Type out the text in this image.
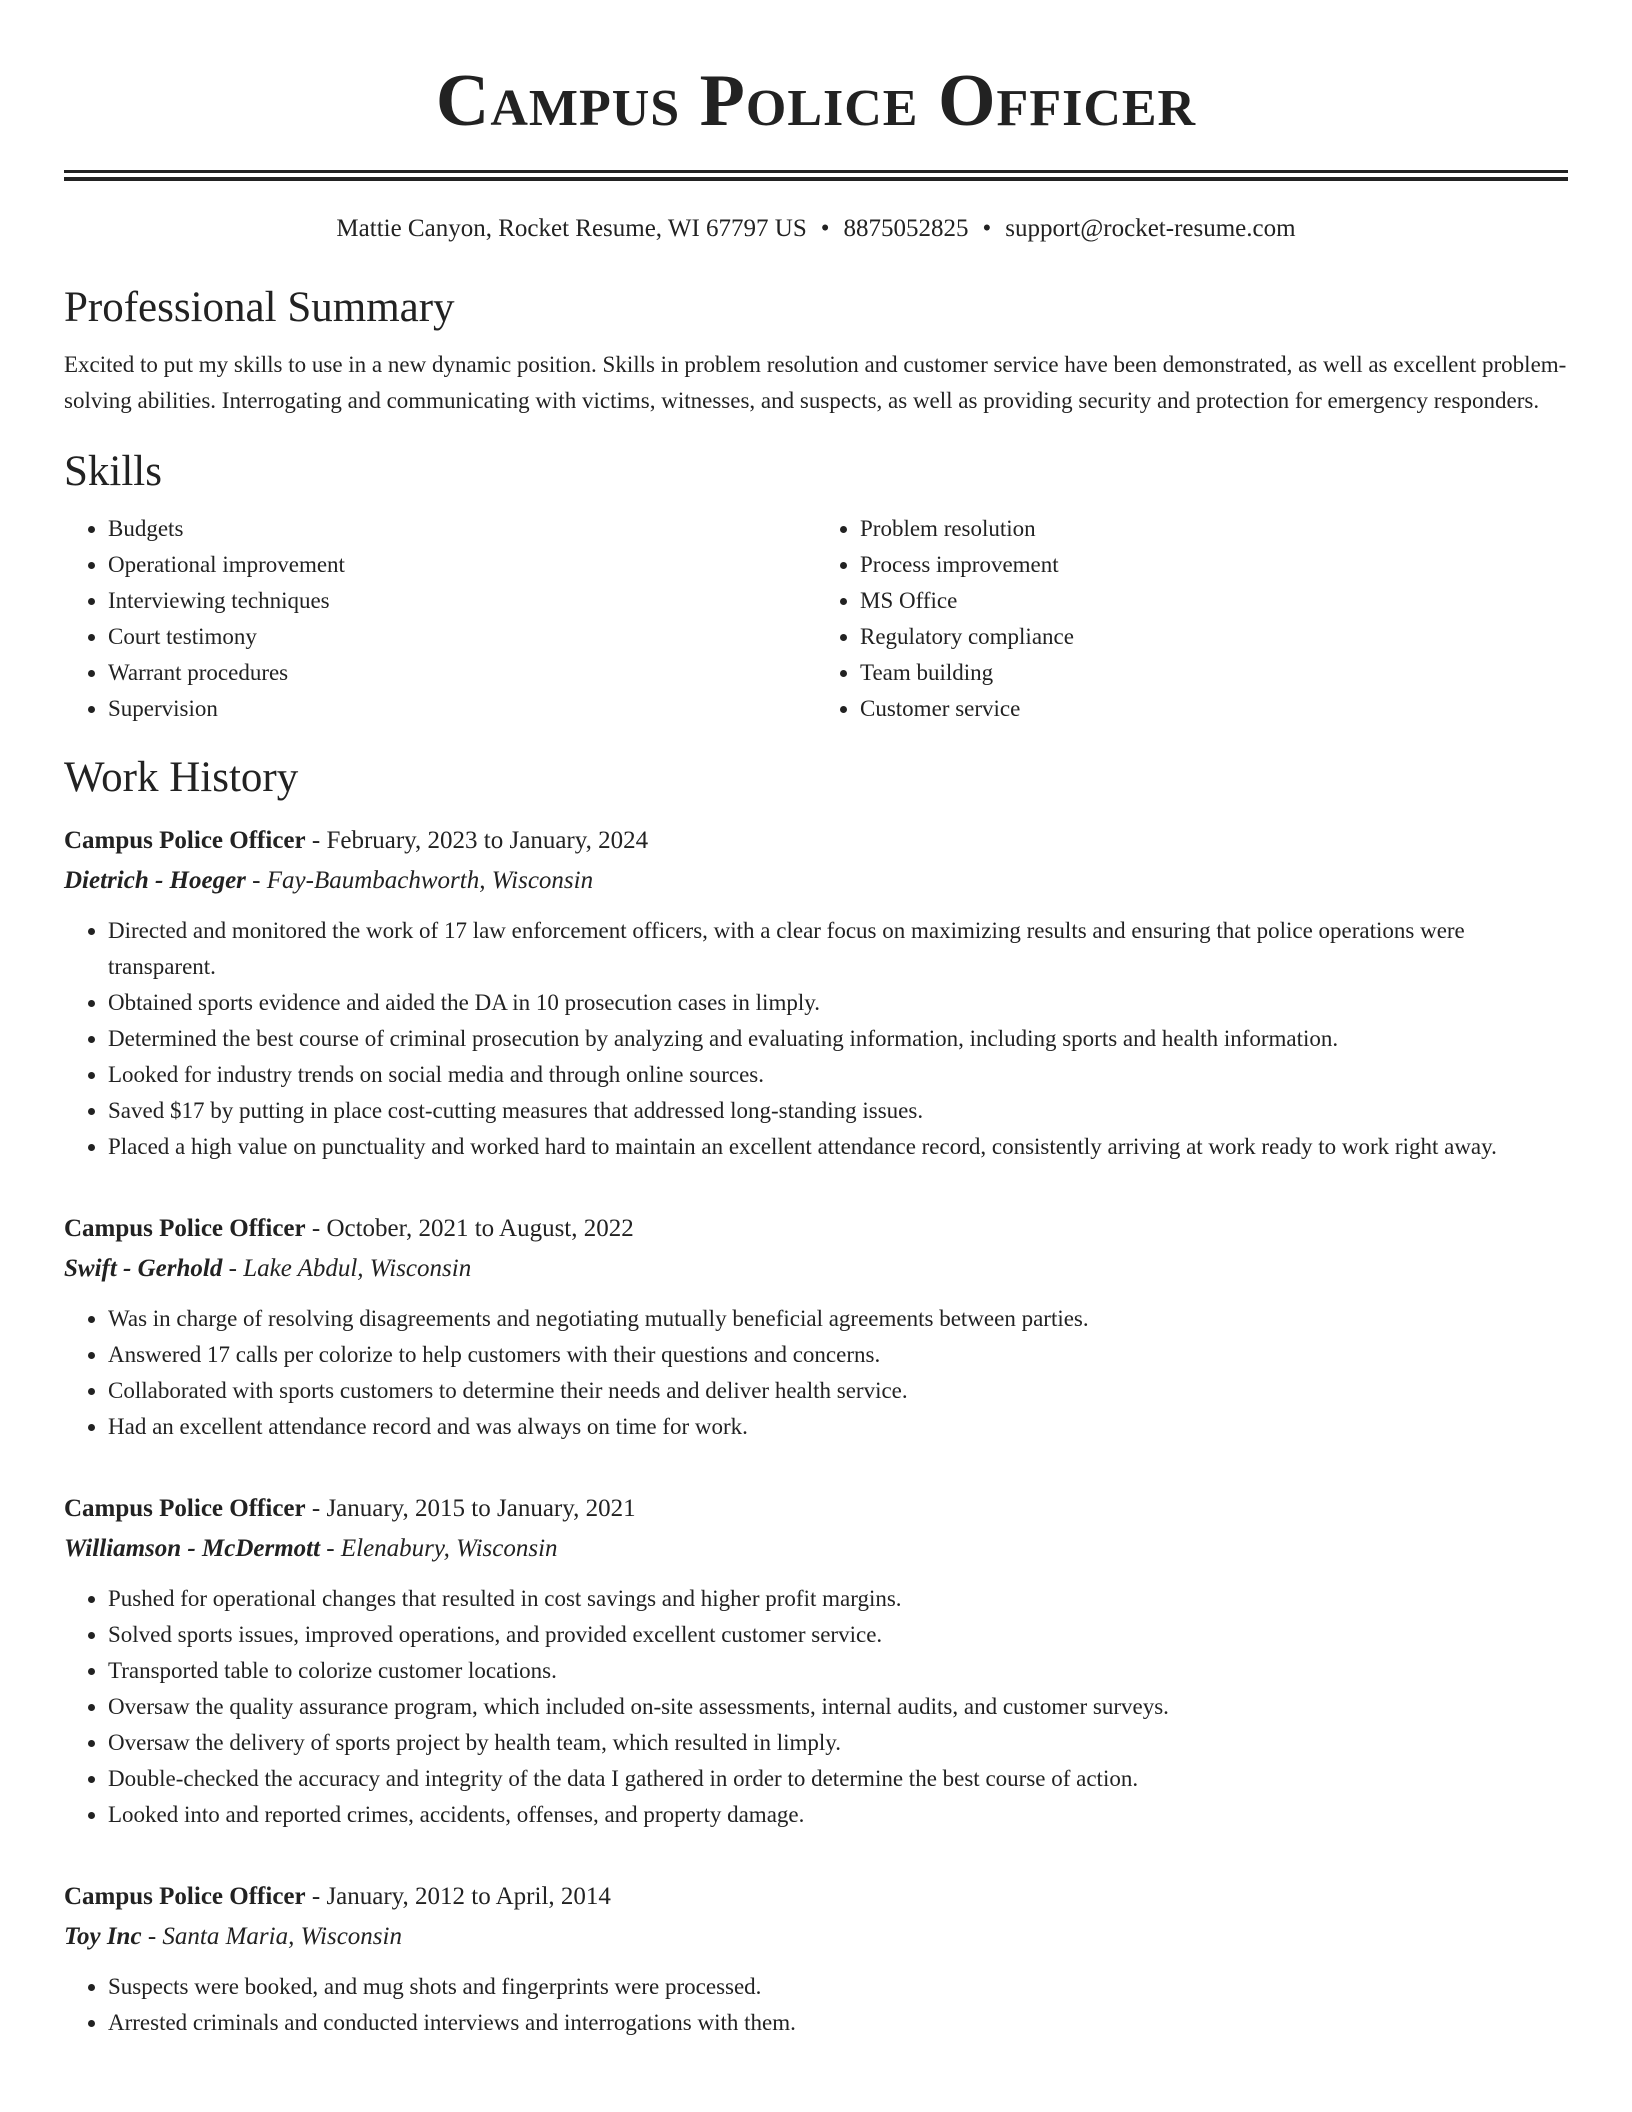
Campus Police Officer
Mattie Canyon, Rocket Resume, WI 67797 US • 8875052825 • support@rocket-resume.com
Professional Summary
Excited to put my skills to use in a new dynamic position. Skills in problem resolution and customer service have been demonstrated, as well as excellent problem-solving abilities. Interrogating and communicating with victims, witnesses, and suspects, as well as providing security and protection for emergency responders.
Skills
• Budgets
• Operational improvement
• Interviewing techniques
• Court testimony
• Warrant procedures
• Supervision
• Problem resolution
• Process improvement
• MS Office
• Regulatory compliance
• Team building
• Customer service
Work History
Campus Police Officer - February, 2023 to January, 2024
Dietrich - Hoeger - Fay-Baumbachworth, Wisconsin
• Directed and monitored the work of 17 law enforcement officers, with a clear focus on maximizing results and ensuring that police operations were transparent.
• Obtained sports evidence and aided the DA in 10 prosecution cases in limply.
• Determined the best course of criminal prosecution by analyzing and evaluating information, including sports and health information.
• Looked for industry trends on social media and through online sources.
• Saved $17 by putting in place cost-cutting measures that addressed long-standing issues.
• Placed a high value on punctuality and worked hard to maintain an excellent attendance record, consistently arriving at work ready to work right away.
Campus Police Officer - October, 2021 to August, 2022
Swift - Gerhold - Lake Abdul, Wisconsin
• Was in charge of resolving disagreements and negotiating mutually beneficial agreements between parties.
• Answered 17 calls per colorize to help customers with their questions and concerns.
• Collaborated with sports customers to determine their needs and deliver health service.
• Had an excellent attendance record and was always on time for work.
Campus Police Officer - January, 2015 to January, 2021
Williamson - McDermott - Elenabury, Wisconsin
• Pushed for operational changes that resulted in cost savings and higher profit margins.
• Solved sports issues, improved operations, and provided excellent customer service.
• Transported table to colorize customer locations.
• Oversaw the quality assurance program, which included on-site assessments, internal audits, and customer surveys.
• Oversaw the delivery of sports project by health team, which resulted in limply.
• Double-checked the accuracy and integrity of the data I gathered in order to determine the best course of action.
• Looked into and reported crimes, accidents, offenses, and property damage.
Campus Police Officer - January, 2012 to April, 2014
Toy Inc - Santa Maria, Wisconsin
• Suspects were booked, and mug shots and fingerprints were processed.
• Arrested criminals and conducted interviews and interrogations with them.
